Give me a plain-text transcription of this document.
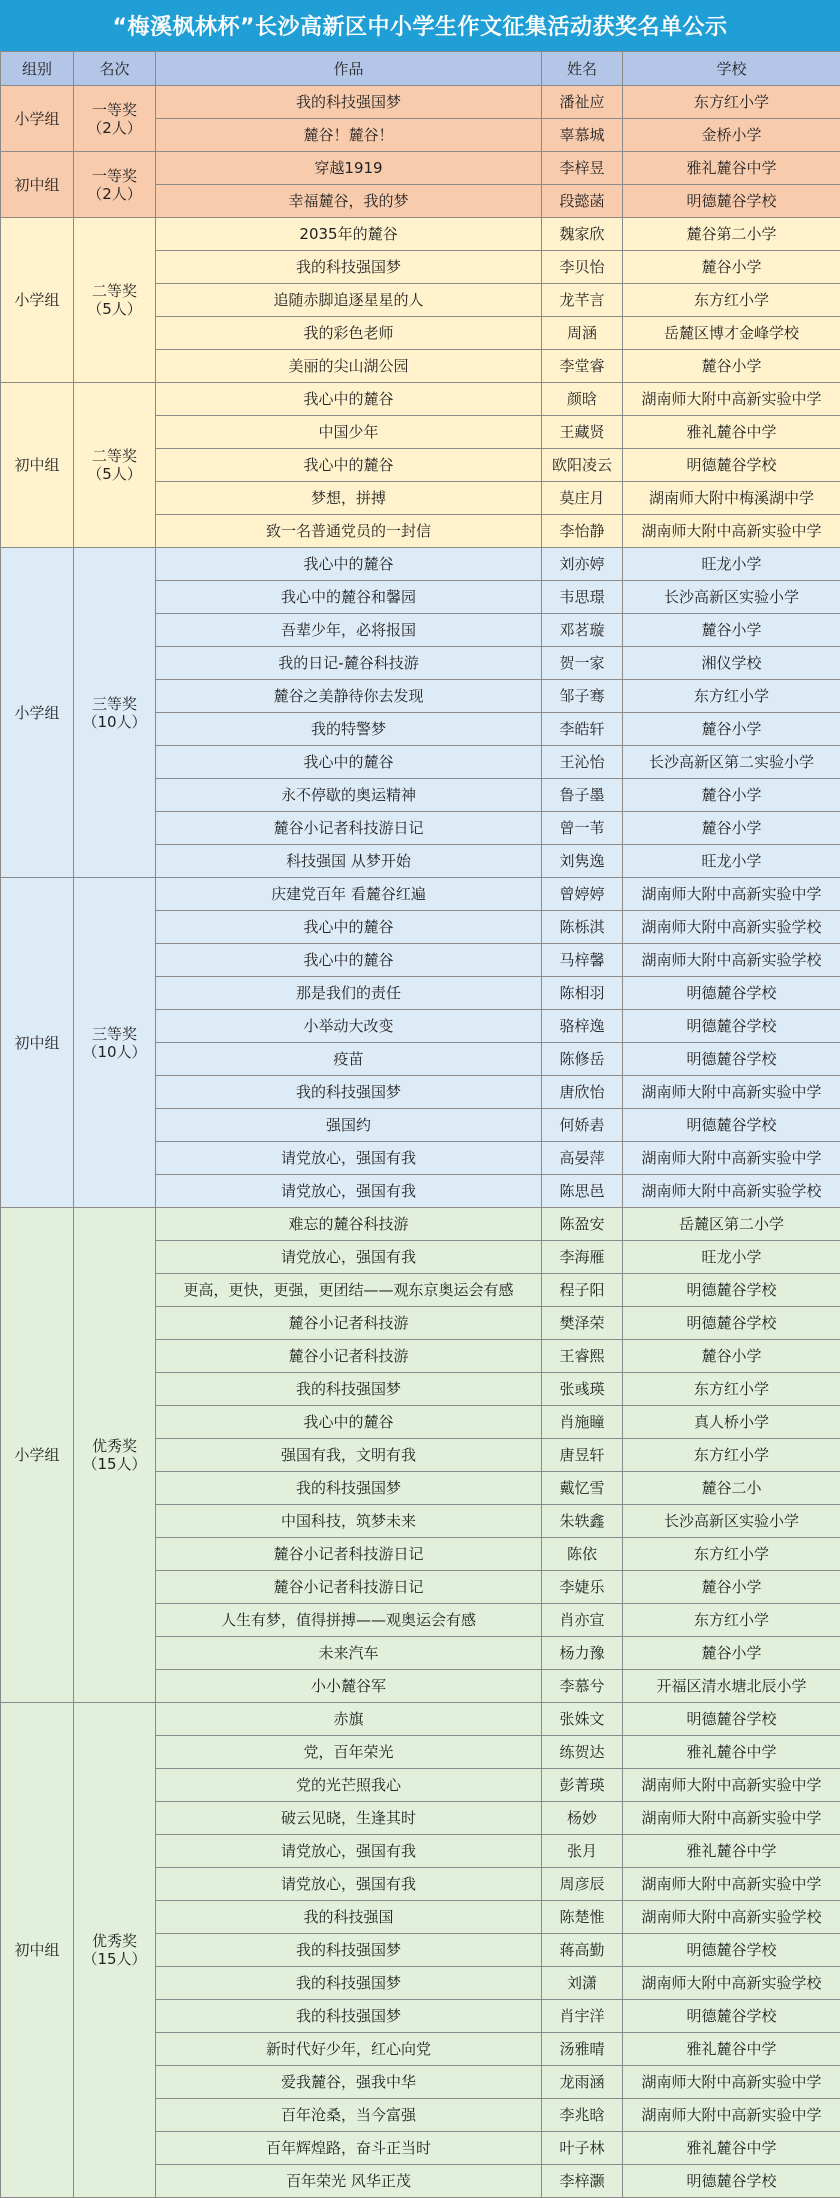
“梅溪枫林杯”长沙高新区中小学生作文征集活动获奖名单公示
组别	名次	作品	姓名	学校
小学组	一等奖
（2人）	我的科技强国梦	潘祉应	东方红小学
		麓谷！麓谷！	辜慕城	金桥小学
初中组	一等奖
（2人）	穿越1919	李梓昱	雅礼麓谷中学
		幸福麓谷，我的梦	段懿菡	明德麓谷学校
小学组	二等奖
（5人）	2035年的麓谷	魏家欣	麓谷第二小学
		我的科技强国梦	李贝怡	麓谷小学
		追随赤脚追逐星星的人	龙芊言	东方红小学
		我的彩色老师	周涵	岳麓区博才金峰学校
		美丽的尖山湖公园	李堂睿	麓谷小学
初中组	二等奖
（5人）	我心中的麓谷	颜晗	湖南师大附中高新实验中学
		中国少年	王藏贤	雅礼麓谷中学
		我心中的麓谷	欧阳凌云	明德麓谷学校
		梦想，拼搏	莫庄月	湖南师大附中梅溪湖中学
		致一名普通党员的一封信	李怡静	湖南师大附中高新实验中学
小学组	三等奖
（10人）	我心中的麓谷	刘亦婷	旺龙小学
		我心中的麓谷和馨园	韦思璟	长沙高新区实验小学
		吾辈少年，必将报国	邓茗璇	麓谷小学
		我的日记-麓谷科技游	贺一家	湘仪学校
		麓谷之美静待你去发现	邹子骞	东方红小学
		我的特警梦	李皓轩	麓谷小学
		我心中的麓谷	王沁怡	长沙高新区第二实验小学
		永不停歇的奥运精神	鲁子墨	麓谷小学
		麓谷小记者科技游日记	曾一苇	麓谷小学
		科技强国 从梦开始	刘隽逸	旺龙小学
初中组	三等奖
（10人）	庆建党百年 看麓谷红遍	曾婷婷	湖南师大附中高新实验中学
		我心中的麓谷	陈栎淇	湖南师大附中高新实验学校
		我心中的麓谷	马梓馨	湖南师大附中高新实验学校
		那是我们的责任	陈相羽	明德麓谷学校
		小举动大改变	骆梓逸	明德麓谷学校
		疫苗	陈修岳	明德麓谷学校
		我的科技强国梦	唐欣怡	湖南师大附中高新实验中学
		强国约	何娇砉	明德麓谷学校
		请党放心，强国有我	高晏萍	湖南师大附中高新实验中学
		请党放心，强国有我	陈思邑	湖南师大附中高新实验学校
小学组	优秀奖
（15人）	难忘的麓谷科技游	陈盈安	岳麓区第二小学
		请党放心，强国有我	李海雁	旺龙小学
		更高，更快，更强，更团结——观东京奥运会有感	程子阳	明德麓谷学校
		麓谷小记者科技游	樊泽荣	明德麓谷学校
		麓谷小记者科技游	王睿熙	麓谷小学
		我的科技强国梦	张彧瑛	东方红小学
		我心中的麓谷	肖施瞳	真人桥小学
		强国有我，文明有我	唐昱轩	东方红小学
		我的科技强国梦	戴忆雪	麓谷二小
		中国科技，筑梦未来	朱轶鑫	长沙高新区实验小学
		麓谷小记者科技游日记	陈依	东方红小学
		麓谷小记者科技游日记	李婕乐	麓谷小学
		人生有梦，值得拼搏——观奥运会有感	肖亦宣	东方红小学
		未来汽车	杨力豫	麓谷小学
		小小麓谷军	李慕兮	开福区清水塘北辰小学
初中组	优秀奖
（15人）	赤旗	张姝文	明德麓谷学校
		党，百年荣光	练贺达	雅礼麓谷中学
		党的光芒照我心	彭菁瑛	湖南师大附中高新实验中学
		破云见晓，生逢其时	杨妙	湖南师大附中高新实验中学
		请党放心，强国有我	张月	雅礼麓谷中学
		请党放心，强国有我	周彦辰	湖南师大附中高新实验中学
		我的科技强国	陈楚惟	湖南师大附中高新实验学校
		我的科技强国梦	蒋高勤	明德麓谷学校
		我的科技强国梦	刘潇	湖南师大附中高新实验学校
		我的科技强国梦	肖宇洋	明德麓谷学校
		新时代好少年，红心向党	汤雅晴	雅礼麓谷中学
		爱我麓谷，强我中华	龙雨涵	湖南师大附中高新实验中学
		百年沧桑，当今富强	李兆晗	湖南师大附中高新实验中学
		百年辉煌路，奋斗正当时	叶子林	雅礼麓谷中学
		百年荣光 风华正茂	李梓灏	明德麓谷学校
